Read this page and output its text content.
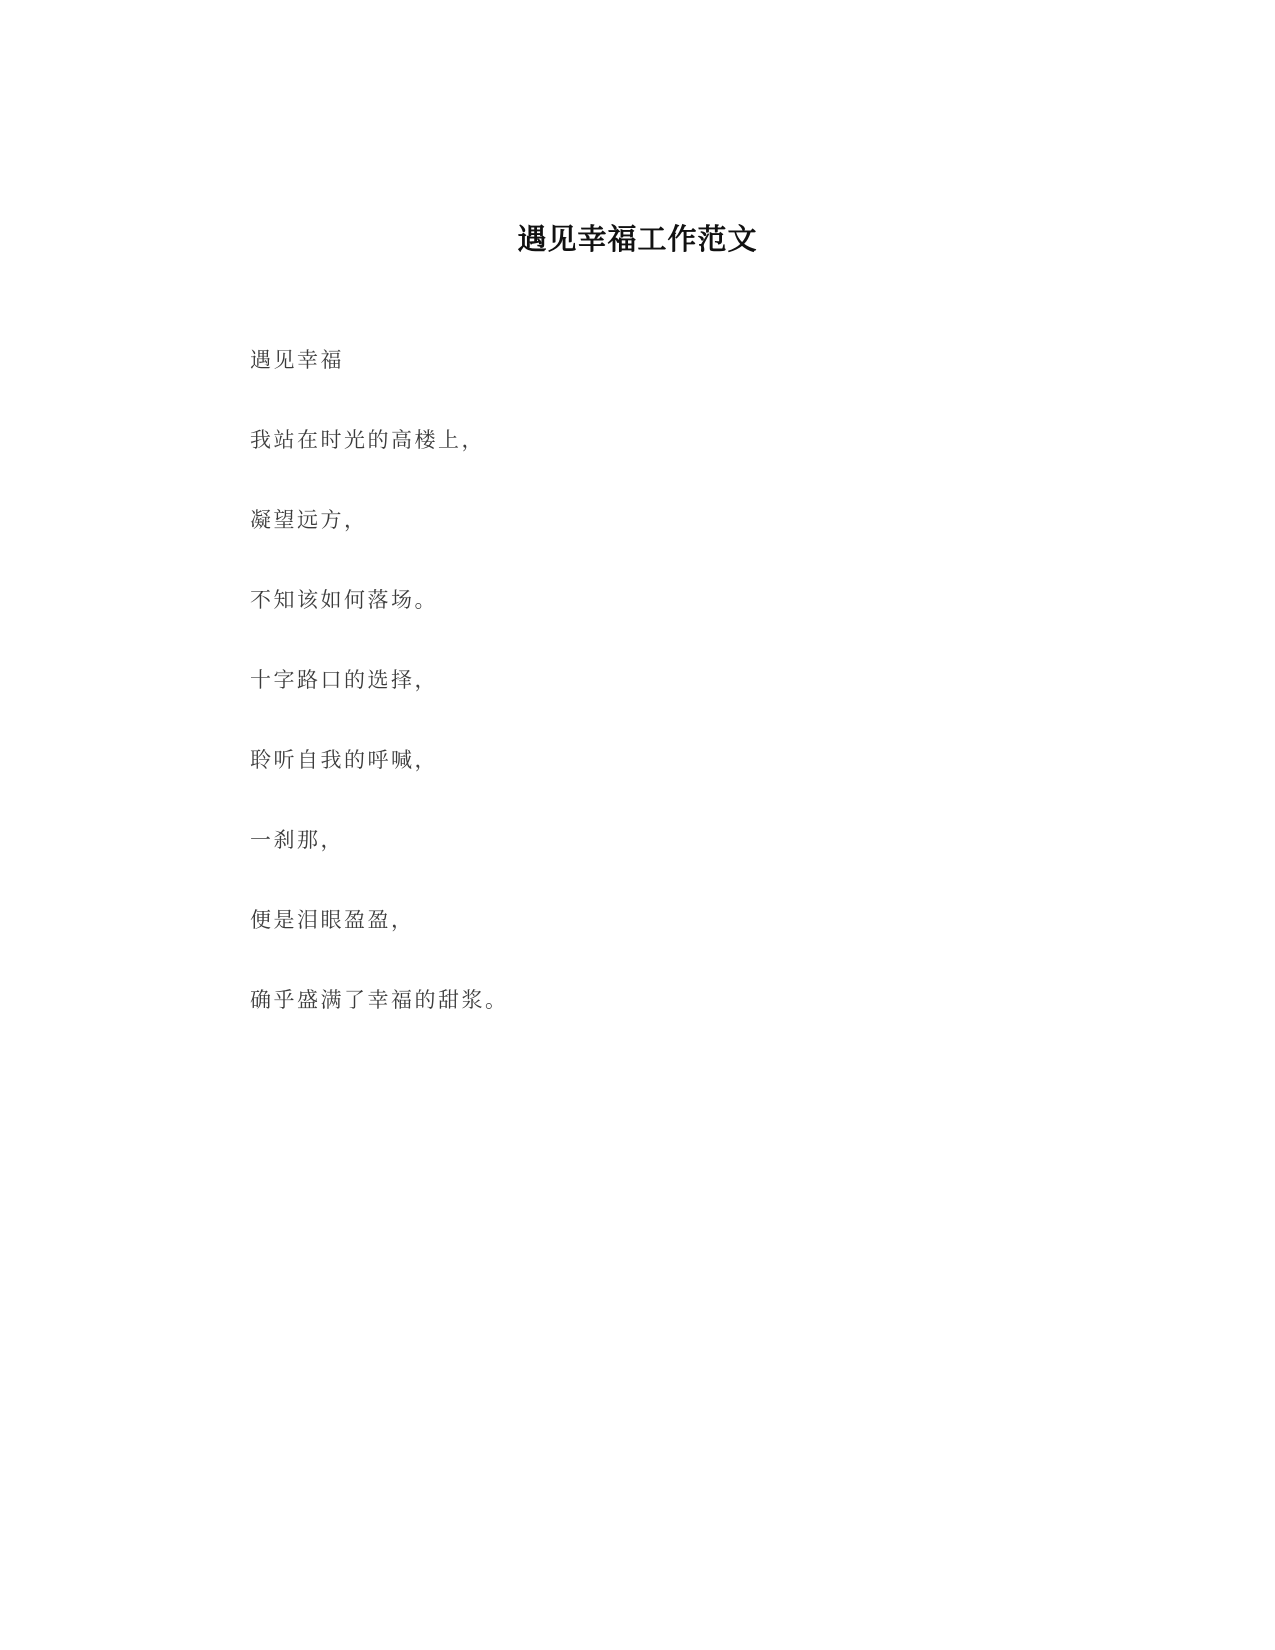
遇见幸福工作范文

遇见幸福

我站在时光的高楼上，

凝望远方，

不知该如何落场。

十字路口的选择，

聆听自我的呼喊，

一刹那，

便是泪眼盈盈，

确乎盛满了幸福的甜浆。
